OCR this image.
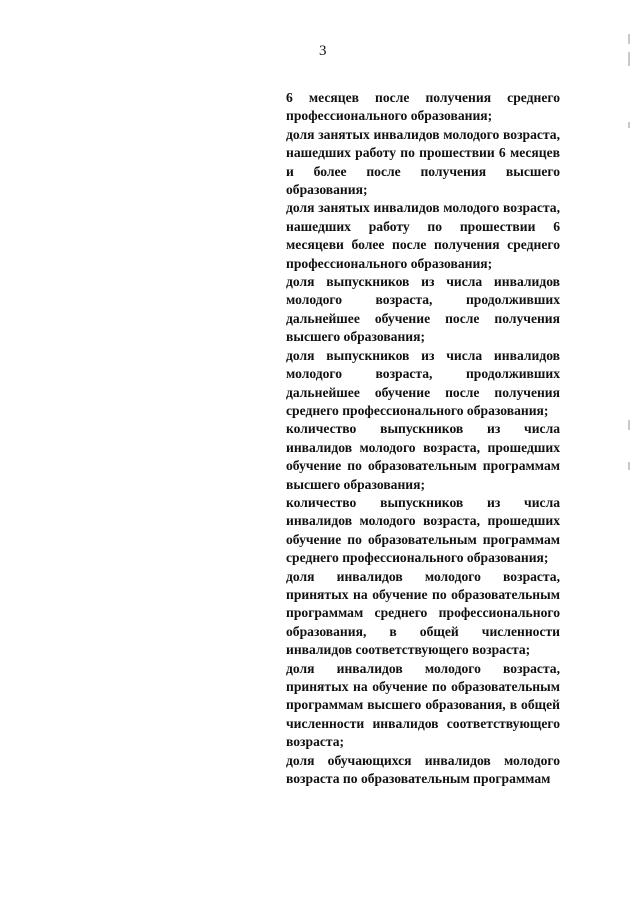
3

6 месяцев после получения среднего профессионального образования;

доля занятых инвалидов молодого возраста, нашедших работу по прошествии 6 месяцев и более после получения высшего образования;

доля занятых инвалидов молодого возраста, нашедших работу по прошествии 6 месяцеви более после получения среднего профессионального образования;

доля выпускников из числа инвалидов молодого возраста, продолживших дальнейшее обучение после получения высшего образования;

доля выпускников из числа инвалидов молодого возраста, продолживших дальнейшее обучение после получения среднего профессионального образования;

количество выпускников из числа инвалидов молодого возраста, прошедших обучение по образовательным программам высшего образования;

количество выпускников из числа инвалидов молодого возраста, прошедших обучение по образовательным программам среднего профессионального образования;

доля инвалидов молодого возраста, принятых на обучение по образовательным программам среднего профессионального образования, в общей численности инвалидов соответствующего возраста;

доля инвалидов молодого возраста, принятых на обучение по образовательным программам высшего образования, в общей численности инвалидов соответствующего возраста;

доля обучающихся инвалидов молодого возраста по образовательным программам
